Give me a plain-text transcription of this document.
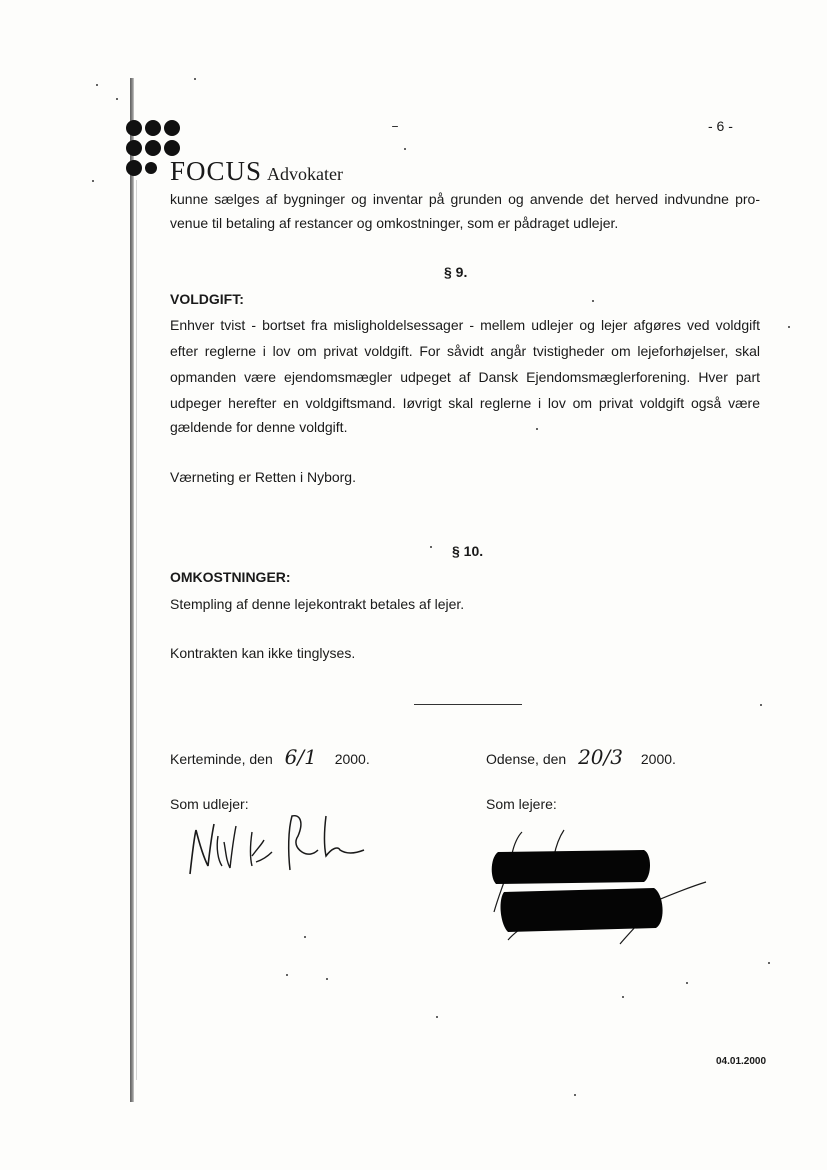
FOCUS Advokater
- 6 -
kunne sælges af bygninger og inventar på grunden og anvende det herved indvundne pro-
venue til betaling af restancer og omkostninger, som er pådraget udlejer.
§ 9.
VOLDGIFT:
Enhver tvist - bortset fra misligholdelsessager - mellem udlejer og lejer afgøres ved voldgift
efter reglerne i lov om privat voldgift. For såvidt angår tvistigheder om lejeforhøjelser, skal
opmanden være ejendomsmægler udpeget af Dansk Ejendomsmæglerforening. Hver part
udpeger herefter en voldgiftsmand. Iøvrigt skal reglerne i lov om privat voldgift også være
gældende for denne voldgift.
Værneting er Retten i Nyborg.
§ 10.
OMKOSTNINGER:
Stempling af denne lejekontrakt betales af lejer.
Kontrakten kan ikke tinglyses.
Kerteminde, den 6/1 2000.
Som udlejer:
Odense, den 20/3 2000.
Som lejere:
04.01.2000
